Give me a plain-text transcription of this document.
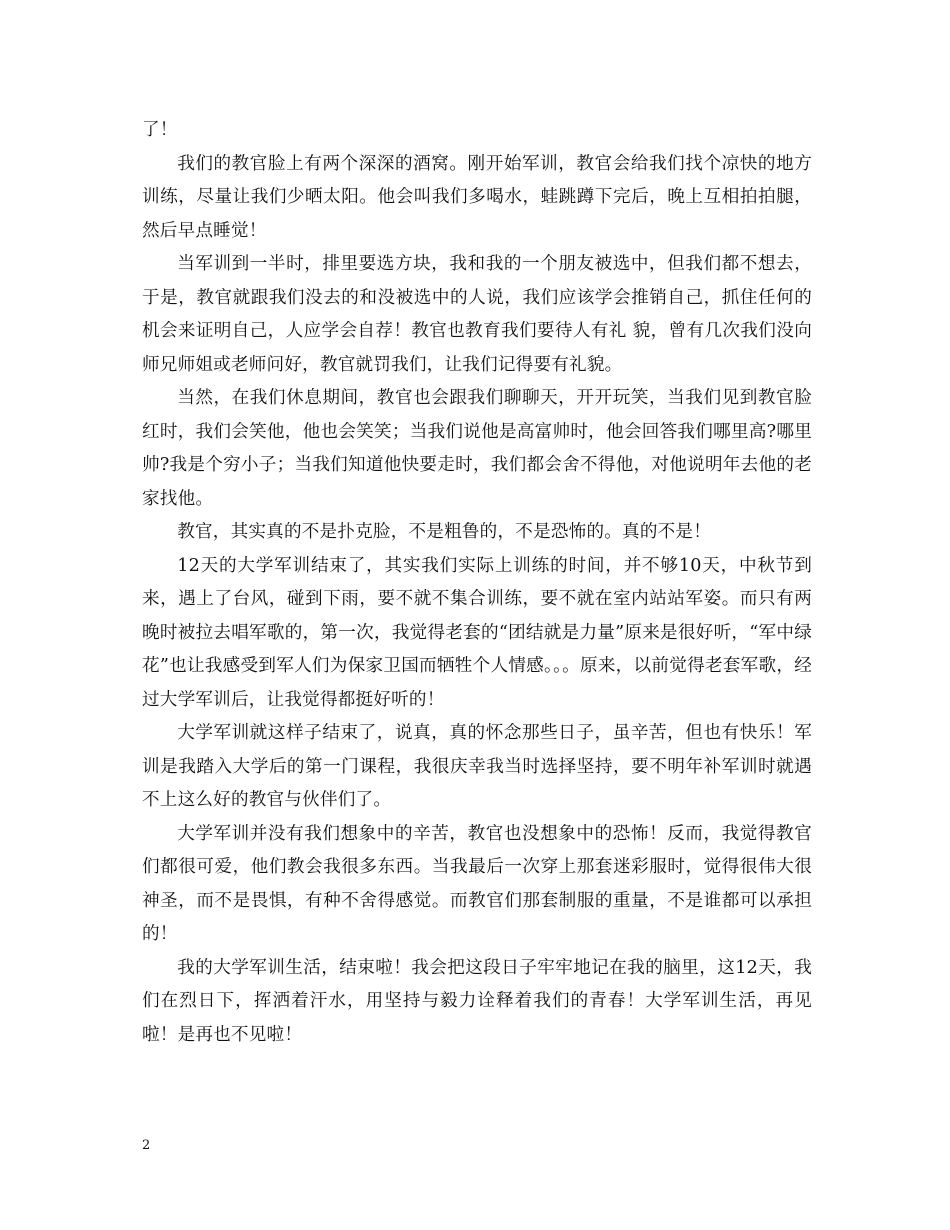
了！

我们的教官脸上有两个深深的酒窝。刚开始军训，教官会给我们找个凉快的地方训练，尽量让我们少晒太阳。他会叫我们多喝水，蛙跳蹲下完后，晚上互相拍拍腿，然后早点睡觉！

当军训到一半时，排里要选方块，我和我的一个朋友被选中，但我们都不想去，于是，教官就跟我们没去的和没被选中的人说，我们应该学会推销自己，抓住任何的机会来证明自己，人应学会自荐！教官也教育我们要待人有礼 貌，曾有几次我们没向师兄师姐或老师问好，教官就罚我们，让我们记得要有礼貌。

当然，在我们休息期间，教官也会跟我们聊聊天，开开玩笑，当我们见到教官脸红时，我们会笑他，他也会笑笑；当我们说他是高富帅时，他会回答我们哪里高?哪里帅?我是个穷小子；当我们知道他快要走时，我们都会舍不得他，对他说明年去他的老家找他。

教官，其实真的不是扑克脸，不是粗鲁的，不是恐怖的。真的不是！

12天的大学军训结束了，其实我们实际上训练的时间，并不够10天，中秋节到来，遇上了台风，碰到下雨，要不就不集合训练，要不就在室内站站军姿。而只有两晚时被拉去唱军歌的，第一次，我觉得老套的“团结就是力量”原来是很好听，“军中绿花”也让我感受到军人们为保家卫国而牺牲个人情感。。。原来，以前觉得老套军歌，经过大学军训后，让我觉得都挺好听的！

大学军训就这样子结束了，说真，真的怀念那些日子，虽辛苦，但也有快乐！军训是我踏入大学后的第一门课程，我很庆幸我当时选择坚持，要不明年补军训时就遇不上这么好的教官与伙伴们了。

大学军训并没有我们想象中的辛苦，教官也没想象中的恐怖！反而，我觉得教官们都很可爱，他们教会我很多东西。当我最后一次穿上那套迷彩服时，觉得很伟大很神圣，而不是畏惧，有种不舍得感觉。而教官们那套制服的重量，不是谁都可以承担的！

我的大学军训生活，结束啦！我会把这段日子牢牢地记在我的脑里，这12天，我们在烈日下，挥洒着汗水，用坚持与毅力诠释着我们的青春！大学军训生活，再见啦！是再也不见啦！

2
